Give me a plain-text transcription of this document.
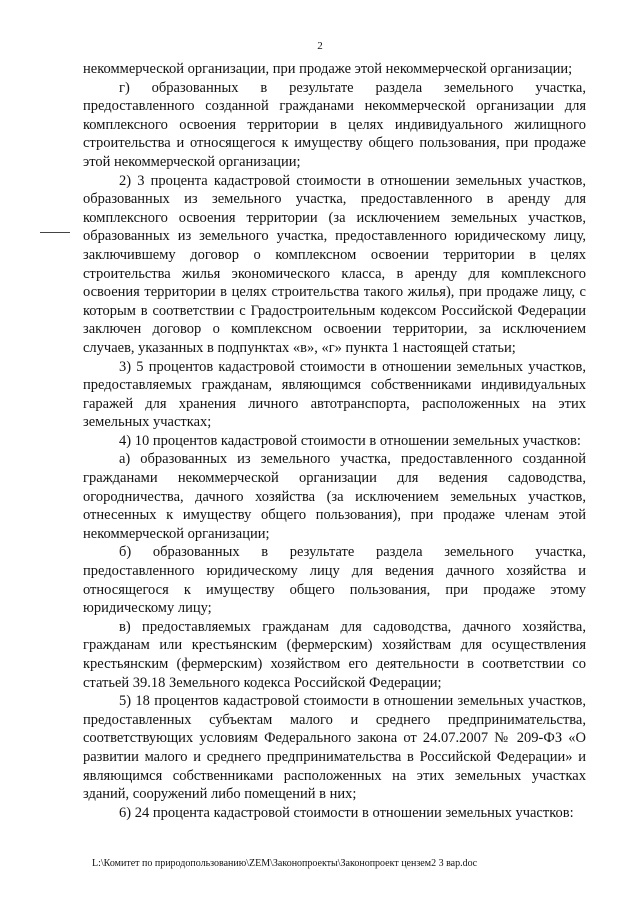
2

некоммерческой организации, при продаже этой некоммерческой организации;

г) образованных в результате раздела земельного участка, предоставленного созданной гражданами некоммерческой организации для комплексного освоения территории в целях индивидуального жилищного строительства и относящегося к имуществу общего пользования, при продаже этой некоммерческой организации;

2) 3 процента кадастровой стоимости в отношении земельных участков, образованных из земельного участка, предоставленного в аренду для комплексного освоения территории (за исключением земельных участков, образованных из земельного участка, предоставленного юридическому лицу, заключившему договор о комплексном освоении территории в целях строительства жилья экономического класса, в аренду для комплексного освоения территории в целях строительства такого жилья), при продаже лицу, с которым в соответствии с Градостроительным кодексом Российской Федерации заключен договор о комплексном освоении территории, за исключением случаев, указанных в подпунктах «в», «г» пункта 1 настоящей статьи;

3) 5 процентов кадастровой стоимости в отношении земельных участков, предоставляемых гражданам, являющимся собственниками индивидуальных гаражей для хранения личного автотранспорта, расположенных на этих земельных участках;

4) 10 процентов кадастровой стоимости в отношении земельных участков:

а) образованных из земельного участка, предоставленного созданной гражданами некоммерческой организации для ведения садоводства, огородничества, дачного хозяйства (за исключением земельных участков, отнесенных к имуществу общего пользования), при продаже членам этой некоммерческой организации;

б) образованных в результате раздела земельного участка, предоставленного юридическому лицу для ведения дачного хозяйства и относящегося к имуществу общего пользования, при продаже этому юридическому лицу;

в) предоставляемых гражданам для садоводства, дачного хозяйства, гражданам или крестьянским (фермерским) хозяйствам для осуществления крестьянским (фермерским) хозяйством его деятельности в соответствии со статьей 39.18 Земельного кодекса Российской Федерации;

5) 18 процентов кадастровой стоимости в отношении земельных участков, предоставленных субъектам малого и среднего предпринимательства, соответствующих условиям Федерального закона от 24.07.2007 № 209-ФЗ «О развитии малого и среднего предпринимательства в Российской Федерации» и являющимся собственниками расположенных на этих земельных участках зданий, сооружений либо помещений в них;

6) 24 процента кадастровой стоимости в отношении земельных участков:

L:\Комитет по природопользованию\ZEM\Законопроекты\Законопроект цензем2 3 вар.doc
